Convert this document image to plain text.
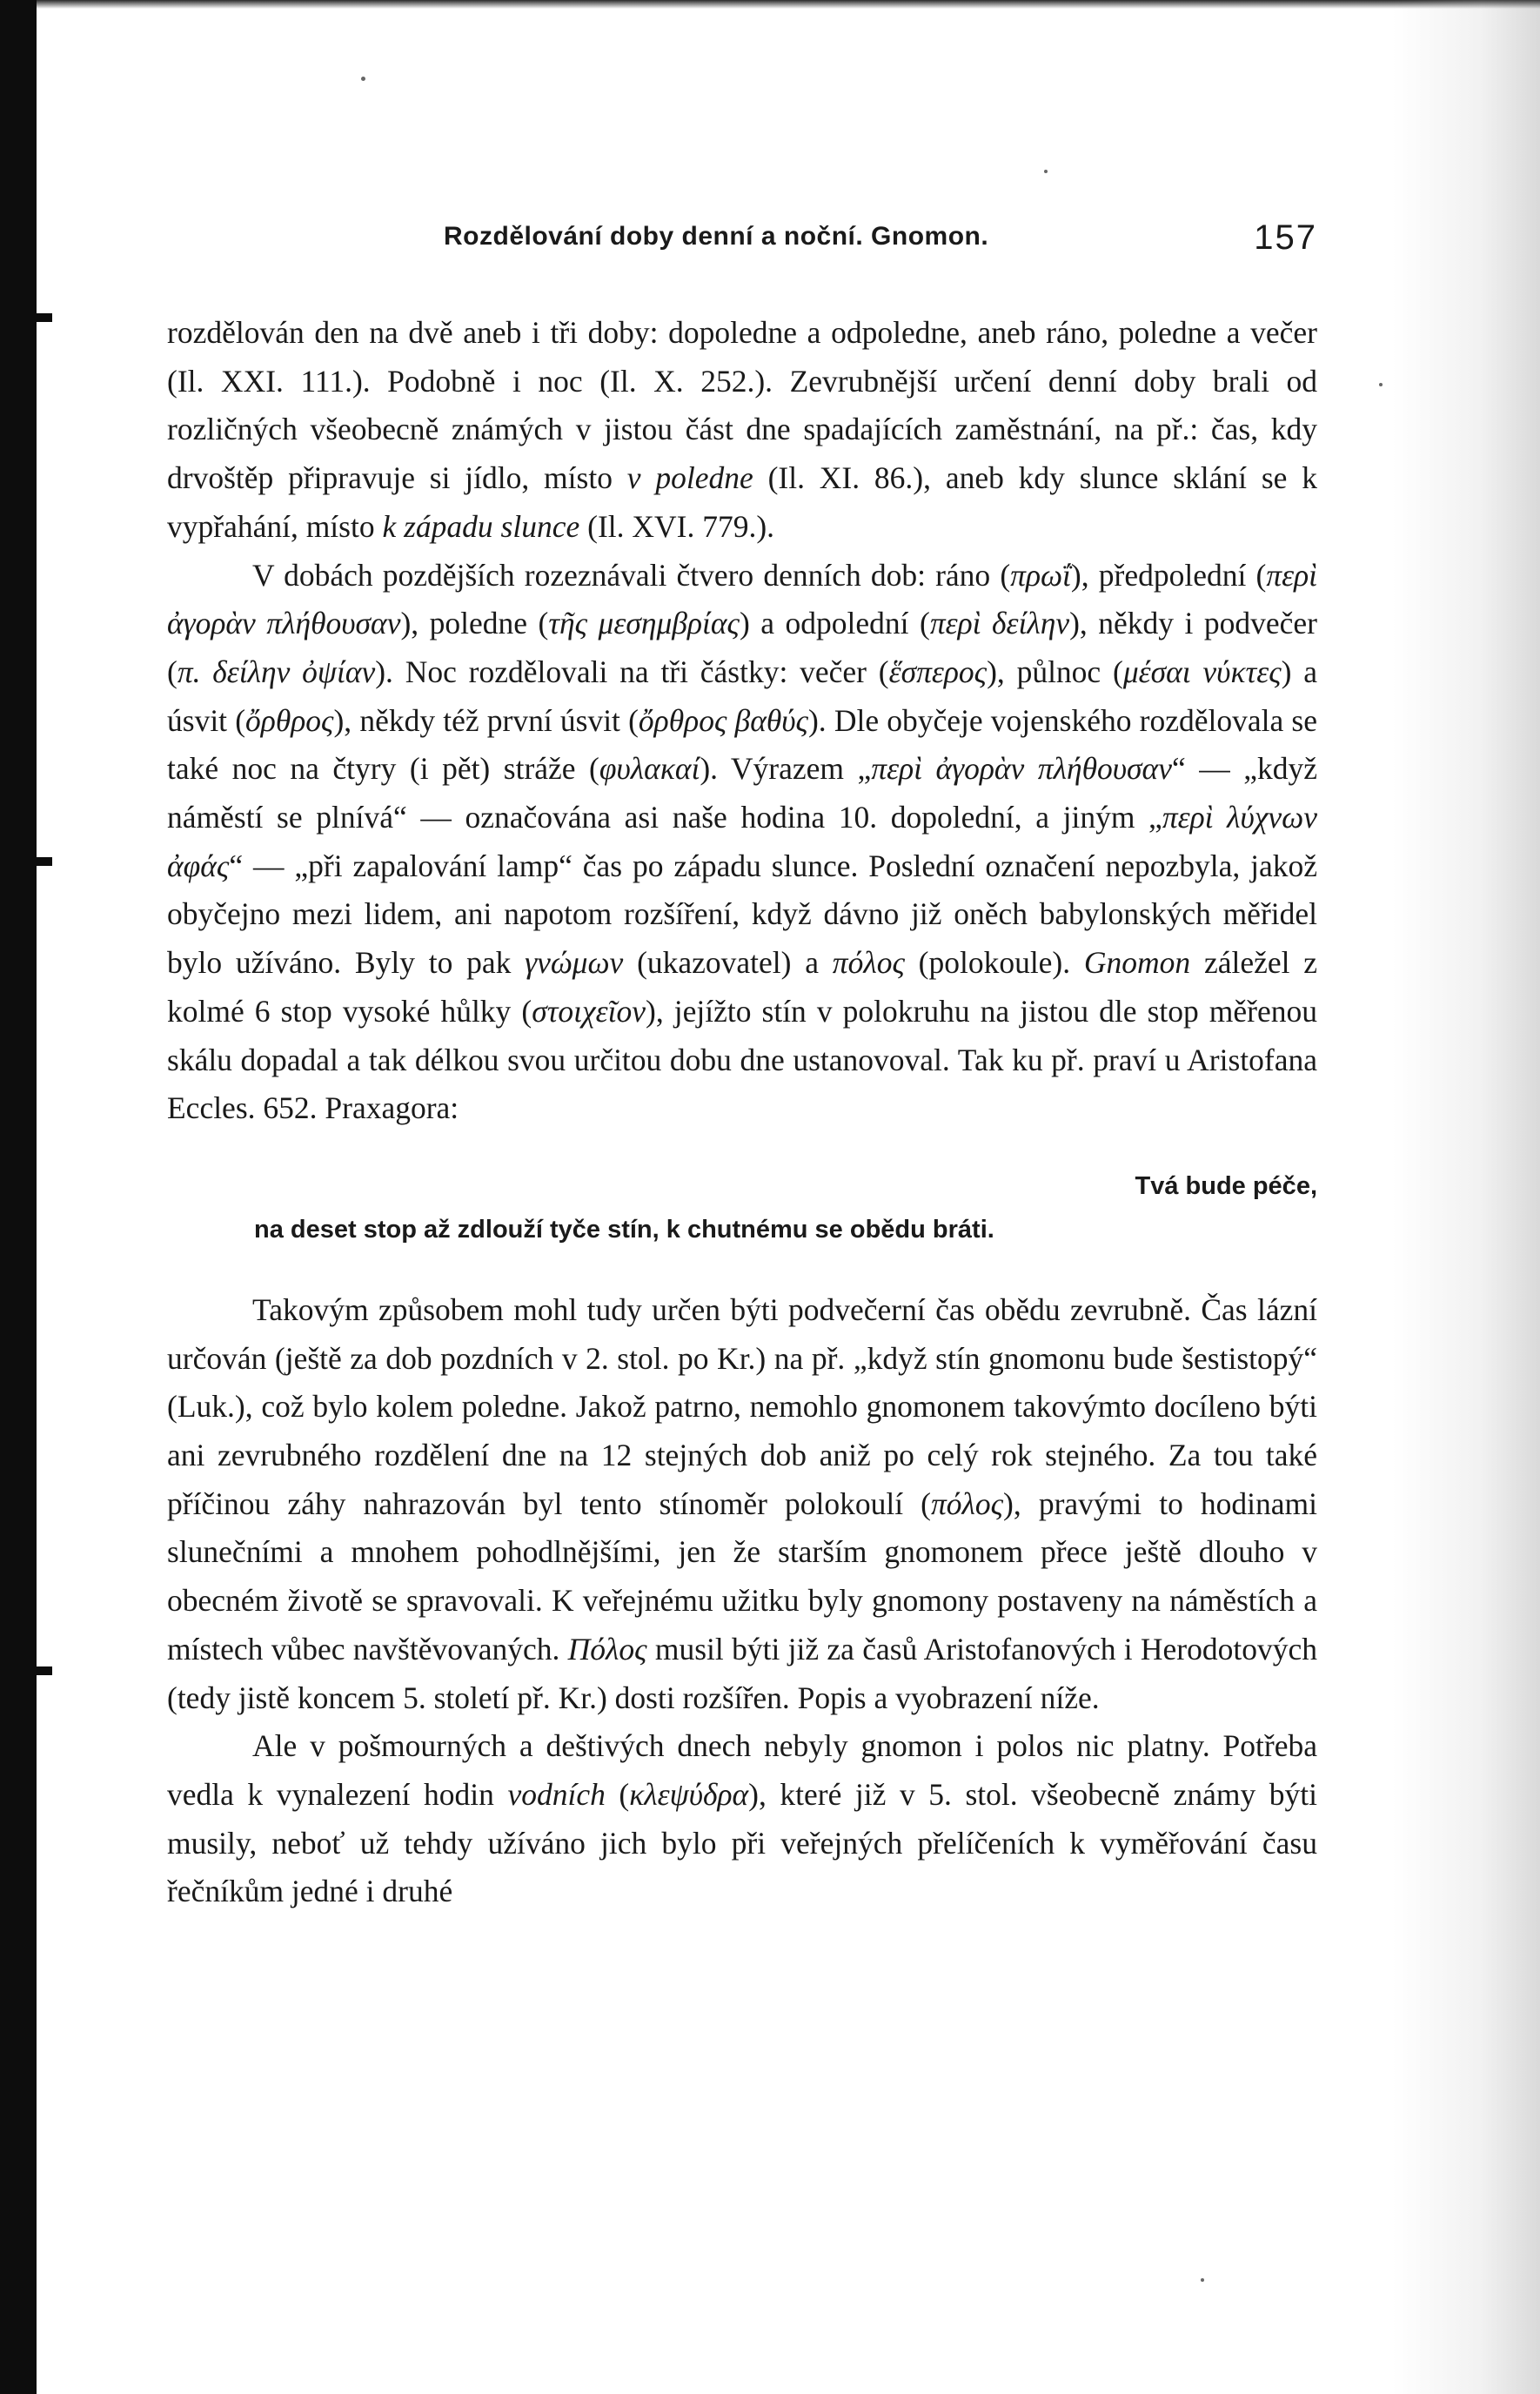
Rozdělování doby denní a noční. Gnomon.	157

rozdělován den na dvě aneb i tři doby: dopoledne a odpoledne, aneb ráno, poledne a večer (Il. XXI. 111.). Podobně i noc (Il. X. 252.). Zevrubnější určení denní doby brali od rozličných všeobecně známých v jistou část dne spadajících zaměstnání, na př.: čas, kdy drvoštěp připravuje si jídlo, místo v poledne (Il. XI. 86.), aneb kdy slunce sklání se k vypřahání, místo k západu slunce (Il. XVI. 779.).

V dobách pozdějších rozeznávali čtvero denních dob: ráno (πρωΐ), předpolední (περὶ ἀγορὰν πλήθουσαν), poledne (τῆς μεσημβρίας) a odpolední (περὶ δείλην), někdy i podvečer (π. δείλην ὀψίαν). Noc rozdělovali na tři částky: večer (ἕσπερος), půlnoc (μέσαι νύκτες) a úsvit (ὄρθρος), někdy též první úsvit (ὄρθρος βαθύς). Dle obyčeje vojenského rozdělovala se také noc na čtyry (i pět) stráže (φυλακαί). Výrazem „περὶ ἀγορὰν πλήθουσαν“ — „když náměstí se plnívá“ — označována asi naše hodina 10. dopolední, a jiným „περὶ λύχνων ἀφάς“ — „při zapalování lamp“ čas po západu slunce. Poslední označení nepozbyla, jakož obyčejno mezi lidem, ani napotom rozšíření, když dávno již oněch babylonských měřidel bylo užíváno. Byly to pak γνώμων (ukazovatel) a πόλος (polokoule). Gnomon záležel z kolmé 6 stop vysoké hůlky (στοιχεῖον), jejížto stín v polokruhu na jistou dle stop měřenou skálu dopadal a tak délkou svou určitou dobu dne ustanovoval. Tak ku př. praví u Aristofana Eccles. 652. Praxagora:

Tvá bude péče,
na deset stop až zdlouží tyče stín, k chutnému se obědu bráti.

Takovým způsobem mohl tudy určen býti podvečerní čas obědu zevrubně. Čas lázní určován (ještě za dob pozdních v 2. stol. po Kr.) na př. „když stín gnomonu bude šestistopý“ (Luk.), což bylo kolem poledne. Jakož patrno, nemohlo gnomonem takovýmto docíleno býti ani zevrubného rozdělení dne na 12 stejných dob aniž po celý rok stejného. Za tou také příčinou záhy nahrazován byl tento stínoměr polokoulí (πόλος), pravými to hodinami slunečními a mnohem pohodlnějšími, jen že starším gnomonem přece ještě dlouho v obecném životě se spravovali. K veřejnému užitku byly gnomony postaveny na náměstích a místech vůbec navštěvovaných. Πόλος musil býti již za časů Aristofanových i Herodotových (tedy jistě koncem 5. století př. Kr.) dosti rozšířen. Popis a vyobrazení níže.

Ale v pošmourných a deštivých dnech nebyly gnomon i polos nic platny. Potřeba vedla k vynalezení hodin vodních (κλεψύδρα), které již v 5. stol. všeobecně známy býti musily, neboť už tehdy užíváno jich bylo při veřejných přelíčeních k vyměřování času řečníkům jedné i druhé
